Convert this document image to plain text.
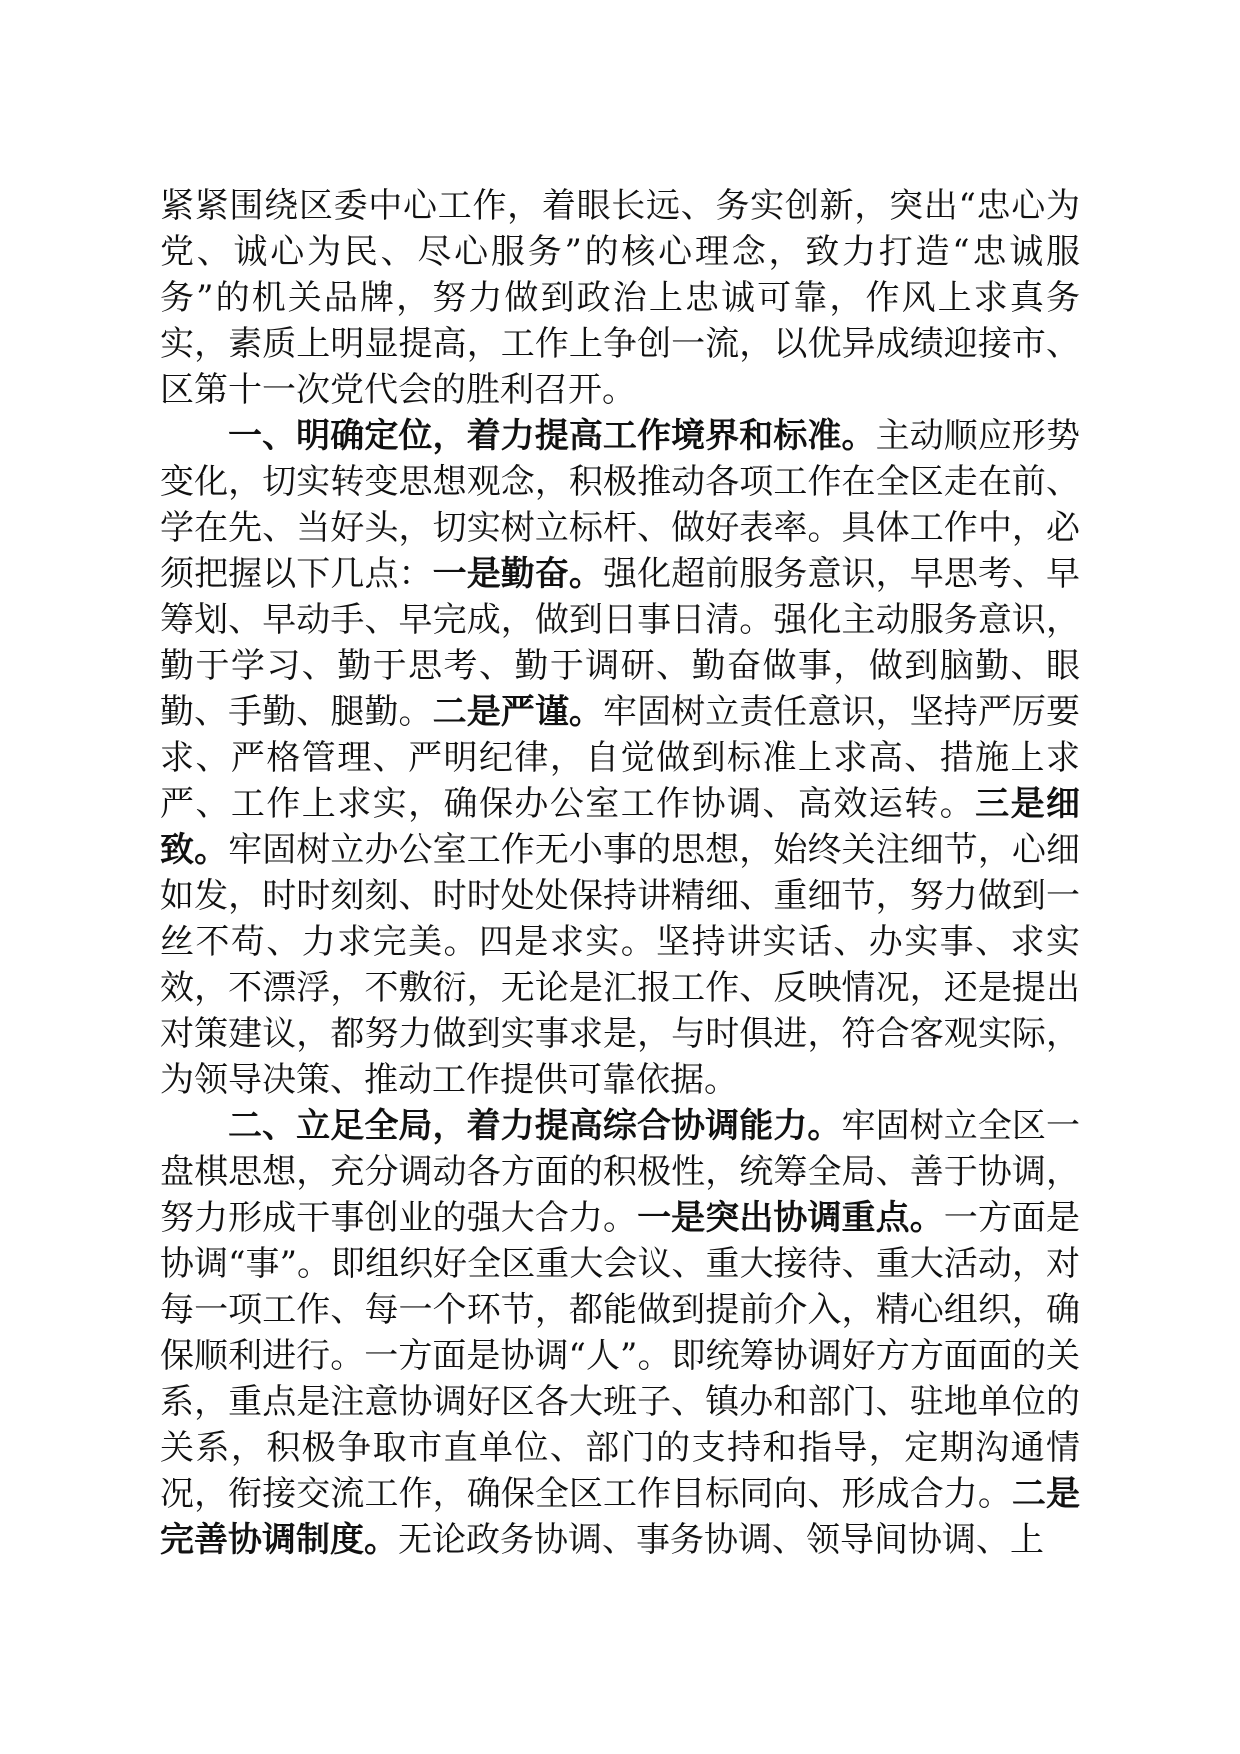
紧紧围绕区委中心工作，着眼长远、务实创新，突出“忠心为党、诚心为民、尽心服务”的核心理念，致力打造“忠诚服务”的机关品牌，努力做到政治上忠诚可靠，作风上求真务实，素质上明显提高，工作上争创一流，以优异成绩迎接市、区第十一次党代会的胜利召开。

一、明确定位，着力提高工作境界和标准。主动顺应形势变化，切实转变思想观念，积极推动各项工作在全区走在前、学在先、当好头，切实树立标杆、做好表率。具体工作中，必须把握以下几点：一是勤奋。强化超前服务意识，早思考、早筹划、早动手、早完成，做到日事日清。强化主动服务意识，勤于学习、勤于思考、勤于调研、勤奋做事，做到脑勤、眼勤、手勤、腿勤。二是严谨。牢固树立责任意识，坚持严厉要求、严格管理、严明纪律，自觉做到标准上求高、措施上求严、工作上求实，确保办公室工作协调、高效运转。三是细致。牢固树立办公室工作无小事的思想，始终关注细节，心细如发，时时刻刻、时时处处保持讲精细、重细节，努力做到一丝不苟、力求完美。四是求实。坚持讲实话、办实事、求实效，不漂浮，不敷衍，无论是汇报工作、反映情况，还是提出对策建议，都努力做到实事求是，与时俱进，符合客观实际，为领导决策、推动工作提供可靠依据。

二、立足全局，着力提高综合协调能力。牢固树立全区一盘棋思想，充分调动各方面的积极性，统筹全局、善于协调，努力形成干事创业的强大合力。一是突出协调重点。一方面是协调“事”。即组织好全区重大会议、重大接待、重大活动，对每一项工作、每一个环节，都能做到提前介入，精心组织，确保顺利进行。一方面是协调“人”。即统筹协调好方方面面的关系，重点是注意协调好区各大班子、镇办和部门、驻地单位的关系，积极争取市直单位、部门的支持和指导，定期沟通情况，衔接交流工作，确保全区工作目标同向、形成合力。二是完善协调制度。无论政务协调、事务协调、领导间协调、上
